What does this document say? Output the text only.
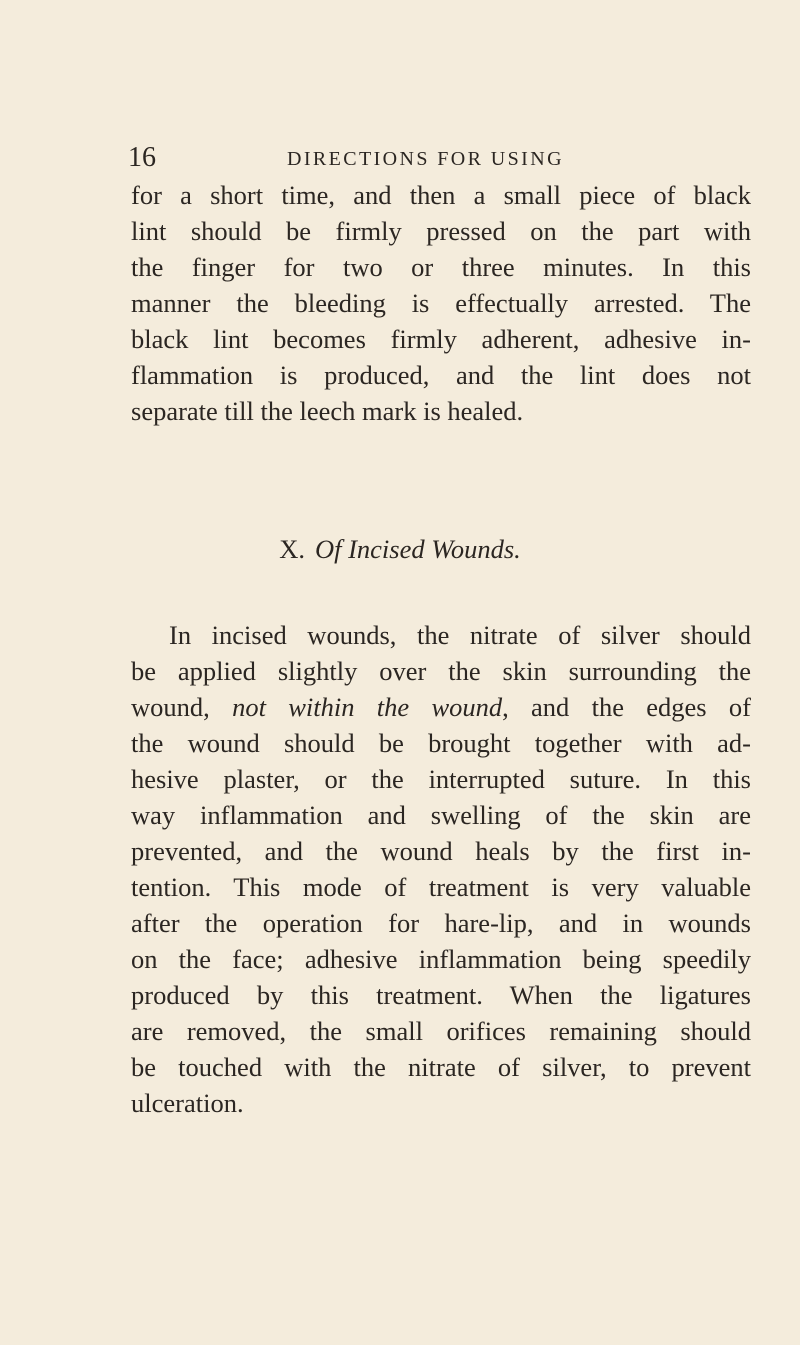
16	DIRECTIONS FOR USING
for a short time, and then a small piece of black
lint should be firmly pressed on the part with
the finger for two or three minutes. In this
manner the bleeding is effectually arrested. The
black lint becomes firmly adherent, adhesive in-
flammation is produced, and the lint does not
separate till the leech mark is healed.
X. Of Incised Wounds.
In incised wounds, the nitrate of silver should
be applied slightly over the skin surrounding the
wound, not within the wound, and the edges of
the wound should be brought together with ad-
hesive plaster, or the interrupted suture. In this
way inflammation and swelling of the skin are
prevented, and the wound heals by the first in-
tention. This mode of treatment is very valuable
after the operation for hare-lip, and in wounds
on the face; adhesive inflammation being speedily
produced by this treatment. When the ligatures
are removed, the small orifices remaining should
be touched with the nitrate of silver, to prevent
ulceration.
